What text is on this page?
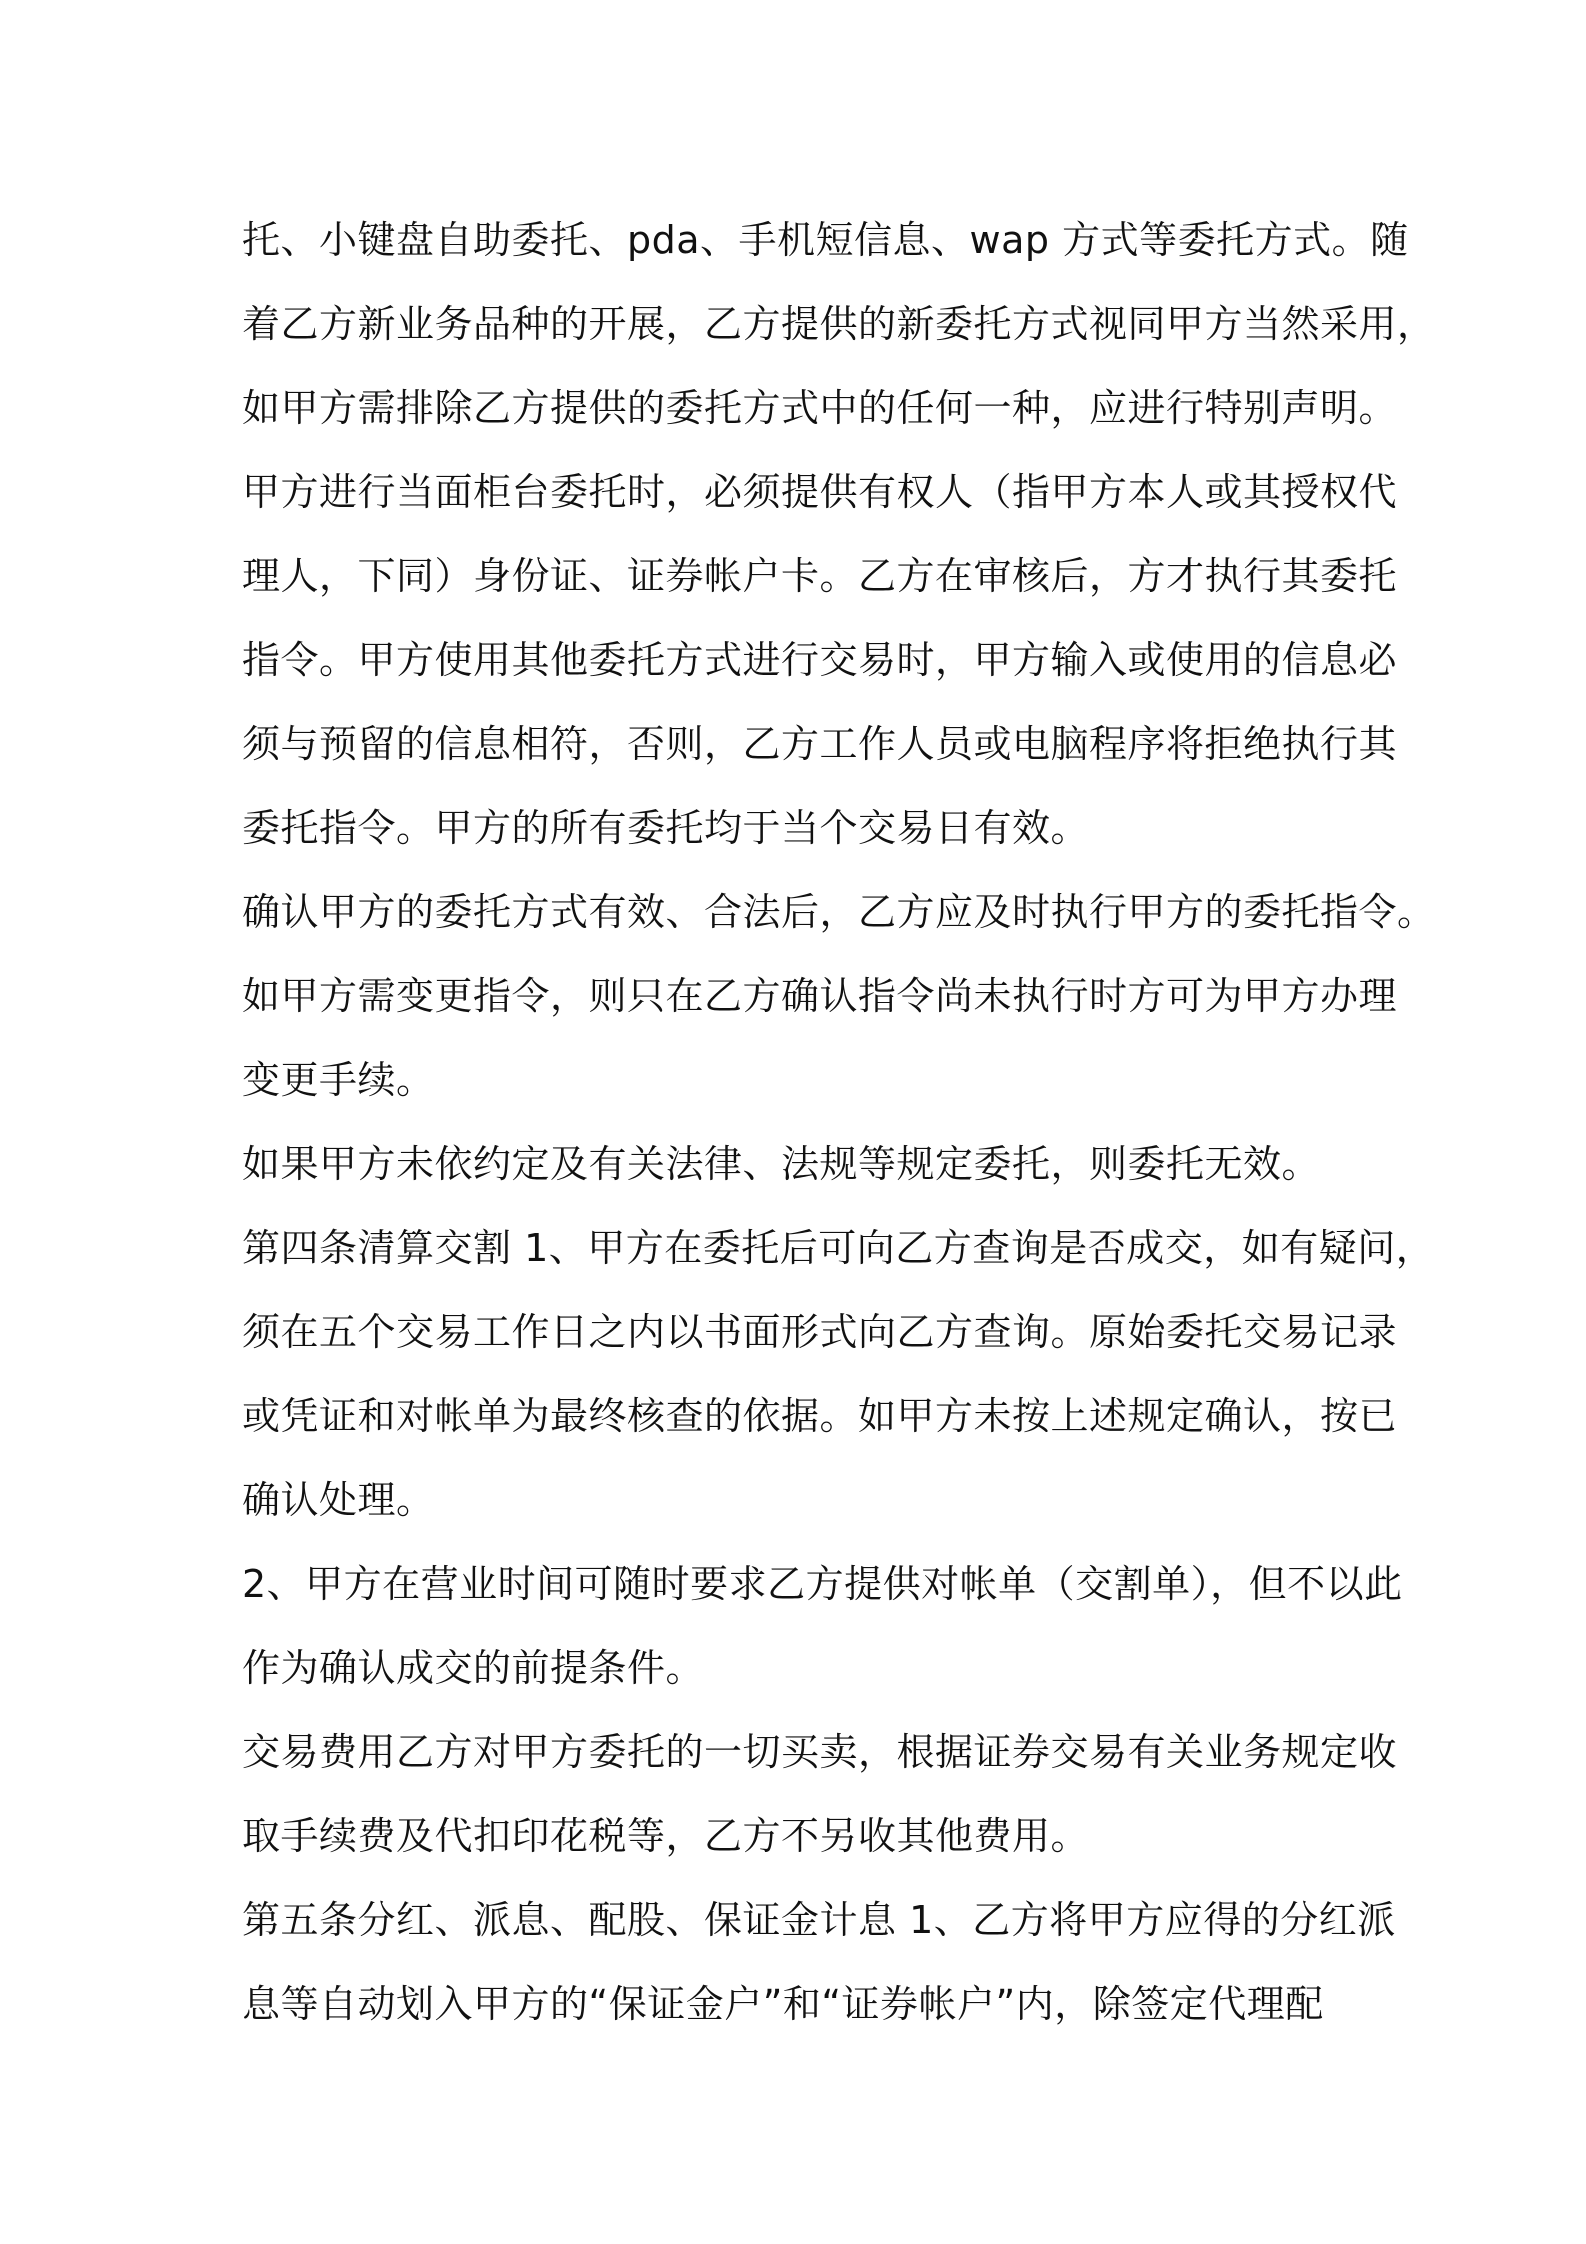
托、小键盘自助委托、pda、手机短信息、wap 方式等委托方式。随
着乙方新业务品种的开展，乙方提供的新委托方式视同甲方当然采用，
如甲方需排除乙方提供的委托方式中的任何一种，应进行特别声明。
甲方进行当面柜台委托时，必须提供有权人（指甲方本人或其授权代
理人，下同）身份证、证券帐户卡。乙方在审核后，方才执行其委托
指令。甲方使用其他委托方式进行交易时，甲方输入或使用的信息必
须与预留的信息相符，否则，乙方工作人员或电脑程序将拒绝执行其
委托指令。甲方的所有委托均于当个交易日有效。
确认甲方的委托方式有效、合法后，乙方应及时执行甲方的委托指令。
如甲方需变更指令，则只在乙方确认指令尚未执行时方可为甲方办理
变更手续。
如果甲方未依约定及有关法律、法规等规定委托，则委托无效。
第四条清算交割 1、甲方在委托后可向乙方查询是否成交，如有疑问，
须在五个交易工作日之内以书面形式向乙方查询。原始委托交易记录
或凭证和对帐单为最终核查的依据。如甲方未按上述规定确认，按已
确认处理。
2、甲方在营业时间可随时要求乙方提供对帐单（交割单），但不以此
作为确认成交的前提条件。
交易费用乙方对甲方委托的一切买卖，根据证券交易有关业务规定收
取手续费及代扣印花税等，乙方不另收其他费用。
第五条分红、派息、配股、保证金计息 1、乙方将甲方应得的分红派
息等自动划入甲方的“保证金户”和“证券帐户”内，除签定代理配
